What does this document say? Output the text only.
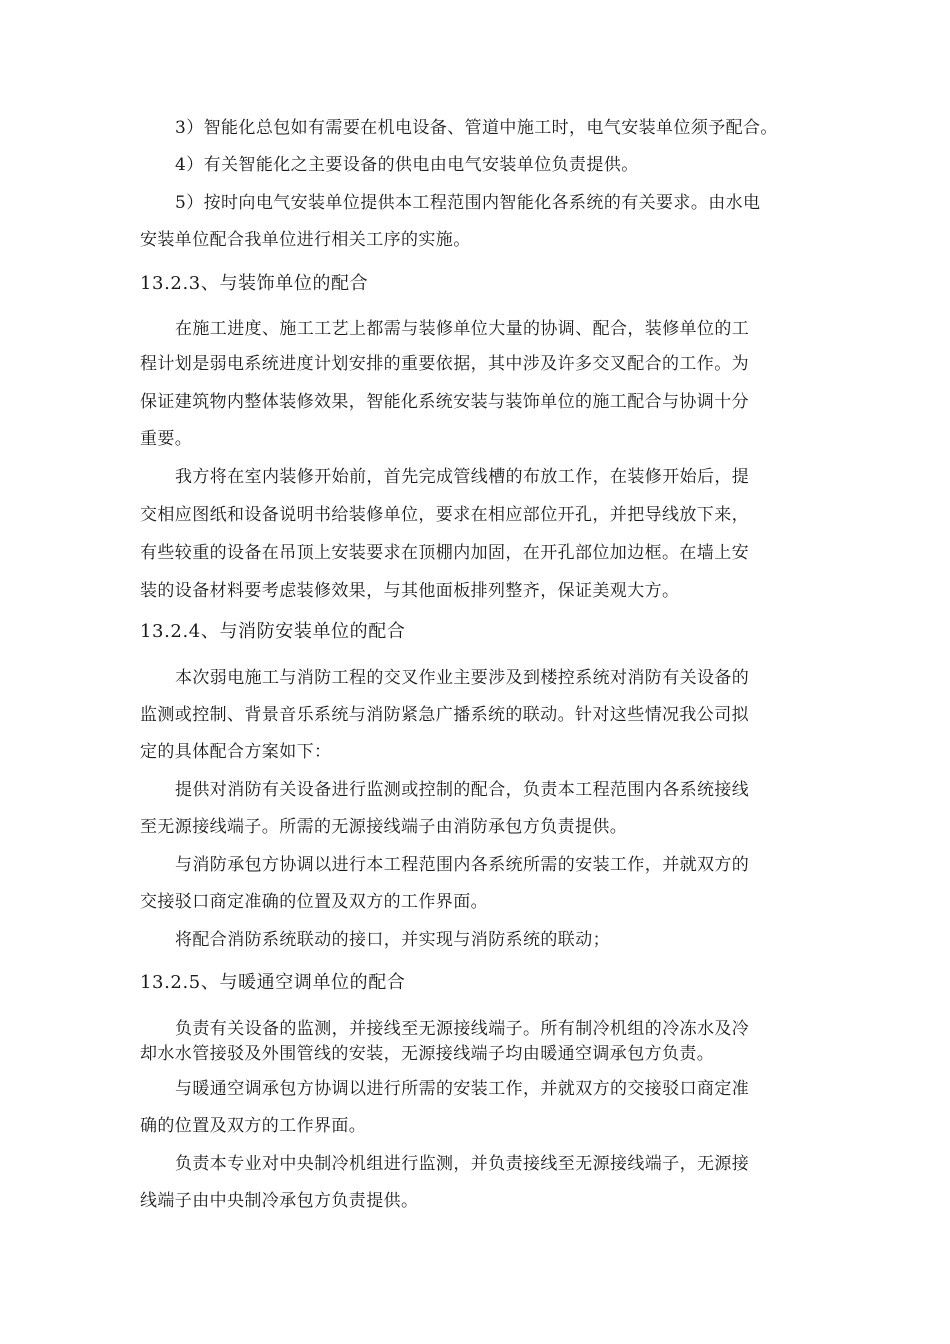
3）智能化总包如有需要在机电设备、管道中施工时，电气安装单位须予配合。
4）有关智能化之主要设备的供电由电气安装单位负责提供。
5）按时向电气安装单位提供本工程范围内智能化各系统的有关要求。由水电
安装单位配合我单位进行相关工序的实施。
13.2.3、与装饰单位的配合
在施工进度、施工工艺上都需与装修单位大量的协调、配合，装修单位的工
程计划是弱电系统进度计划安排的重要依据，其中涉及许多交叉配合的工作。为
保证建筑物内整体装修效果，智能化系统安装与装饰单位的施工配合与协调十分
重要。
我方将在室内装修开始前，首先完成管线槽的布放工作，在装修开始后，提
交相应图纸和设备说明书给装修单位，要求在相应部位开孔，并把导线放下来，
有些较重的设备在吊顶上安装要求在顶棚内加固，在开孔部位加边框。在墙上安
装的设备材料要考虑装修效果，与其他面板排列整齐，保证美观大方。
13.2.4、与消防安装单位的配合
本次弱电施工与消防工程的交叉作业主要涉及到楼控系统对消防有关设备的
监测或控制、背景音乐系统与消防紧急广播系统的联动。针对这些情况我公司拟
定的具体配合方案如下：
提供对消防有关设备进行监测或控制的配合，负责本工程范围内各系统接线
至无源接线端子。所需的无源接线端子由消防承包方负责提供。
与消防承包方协调以进行本工程范围内各系统所需的安装工作，并就双方的
交接驳口商定准确的位置及双方的工作界面。
将配合消防系统联动的接口，并实现与消防系统的联动；
13.2.5、与暖通空调单位的配合
负责有关设备的监测，并接线至无源接线端子。所有制冷机组的冷冻水及冷
却水水管接驳及外围管线的安装，无源接线端子均由暖通空调承包方负责。
与暖通空调承包方协调以进行所需的安装工作，并就双方的交接驳口商定准
确的位置及双方的工作界面。
负责本专业对中央制冷机组进行监测，并负责接线至无源接线端子，无源接
线端子由中央制冷承包方负责提供。
